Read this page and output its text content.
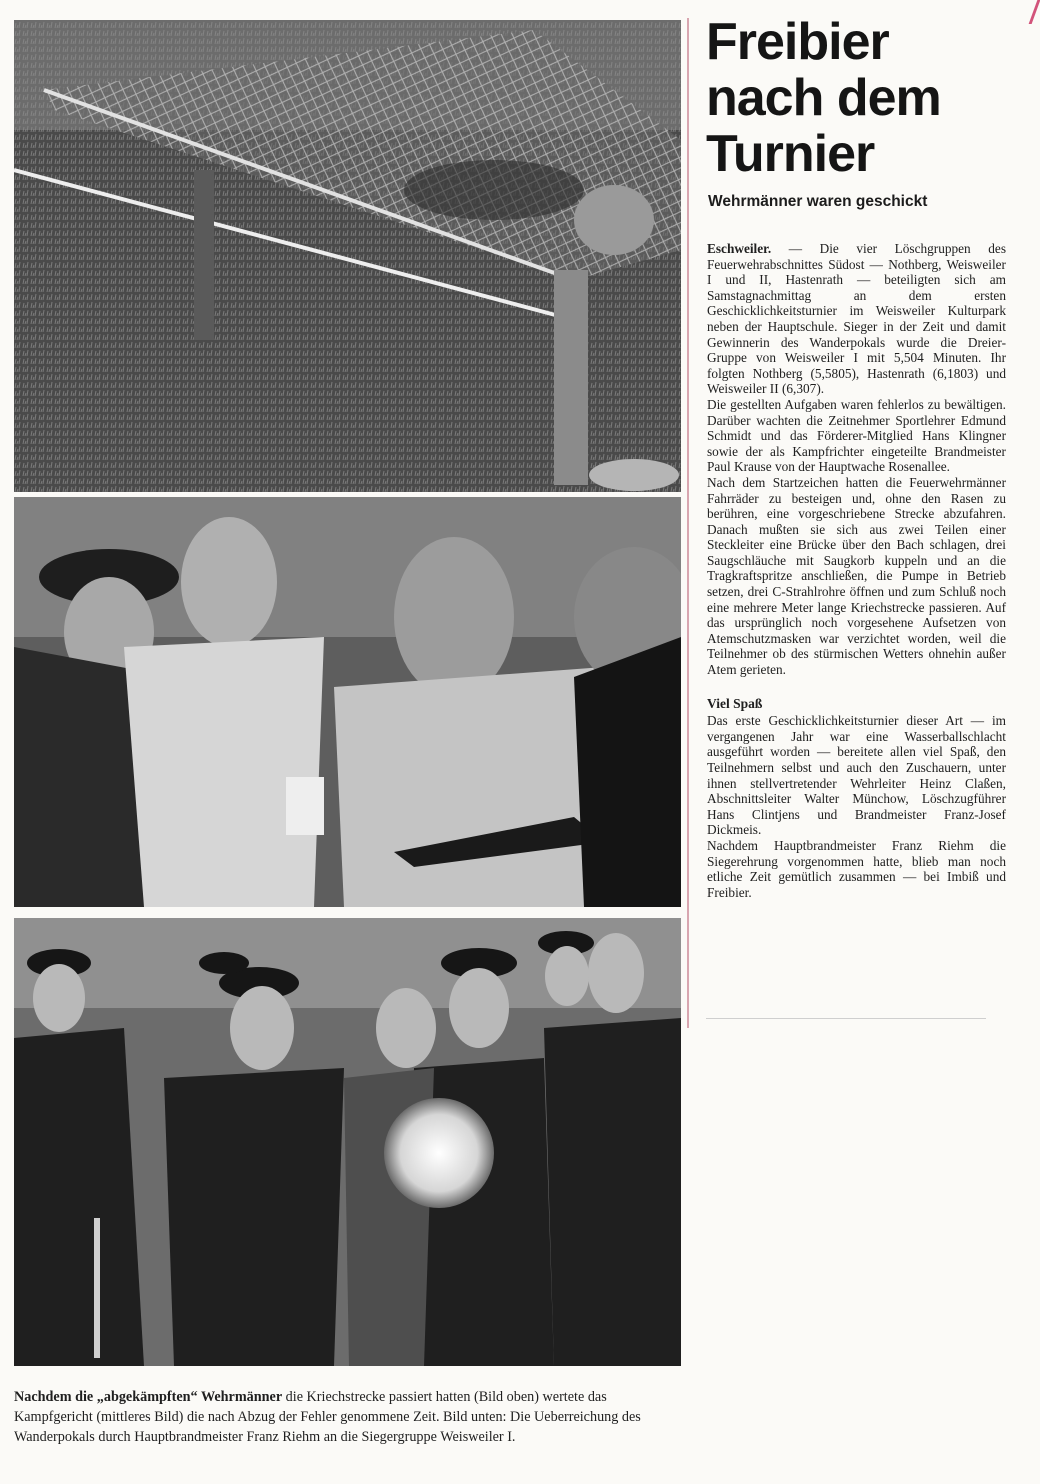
Freibier
nach dem
Turnier
Wehrmänner waren geschickt

Eschweiler. — Die vier Löschgruppen des Feuerwehrabschnittes Südost — Nothberg, Weisweiler I und II, Hastenrath — beteiligten sich am Samstagnachmittag an dem ersten Geschicklichkeitsturnier im Weisweiler Kulturpark neben der Hauptschule. Sieger in der Zeit und damit Gewinnerin des Wanderpokals wurde die Dreier-Gruppe von Weisweiler I mit 5,504 Minuten. Ihr folgten Nothberg (5,5805), Hastenrath (6,1803) und Weisweiler II (6,307).

Die gestellten Aufgaben waren fehlerlos zu bewältigen. Darüber wachten die Zeitnehmer Sportlehrer Edmund Schmidt und das Förderer-Mitglied Hans Klingner sowie der als Kampfrichter eingeteilte Brandmeister Paul Krause von der Hauptwache Rosenallee.

Nach dem Startzeichen hatten die Feuerwehrmänner Fahrräder zu besteigen und, ohne den Rasen zu berühren, eine vorgeschriebene Strecke abzufahren. Danach mußten sie sich aus zwei Teilen einer Steckleiter eine Brücke über den Bach schlagen, drei Saugschläuche mit Saugkorb kuppeln und an die Tragkraftspritze anschließen, die Pumpe in Betrieb setzen, drei C-Strahlrohre öffnen und zum Schluß noch eine mehrere Meter lange Kriechstrecke passieren. Auf das ursprünglich noch vorgesehene Aufsetzen von Atemschutzmasken war verzichtet worden, weil die Teilnehmer ob des stürmischen Wetters ohnehin außer Atem gerieten.

Viel Spaß

Das erste Geschicklichkeitsturnier dieser Art — im vergangenen Jahr war eine Wasserballschlacht ausgeführt worden — bereitete allen viel Spaß, den Teilnehmern selbst und auch den Zuschauern, unter ihnen stellvertretender Wehrleiter Heinz Claßen, Abschnittsleiter Walter Münchow, Löschzugführer Hans Clintjens und Brandmeister Franz-Josef Dickmeis.

Nachdem Hauptbrandmeister Franz Riehm die Siegerehrung vorgenommen hatte, blieb man noch etliche Zeit gemütlich zusammen — bei Imbiß und Freibier.

Nachdem die „abgekämpften“ Wehrmänner die Kriechstrecke passiert hatten (Bild oben) wertete das Kampfgericht (mittleres Bild) die nach Abzug der Fehler genommene Zeit. Bild unten: Die Ueberreichung des Wanderpokals durch Hauptbrandmeister Franz Riehm an die Siegergruppe Weisweiler I.
